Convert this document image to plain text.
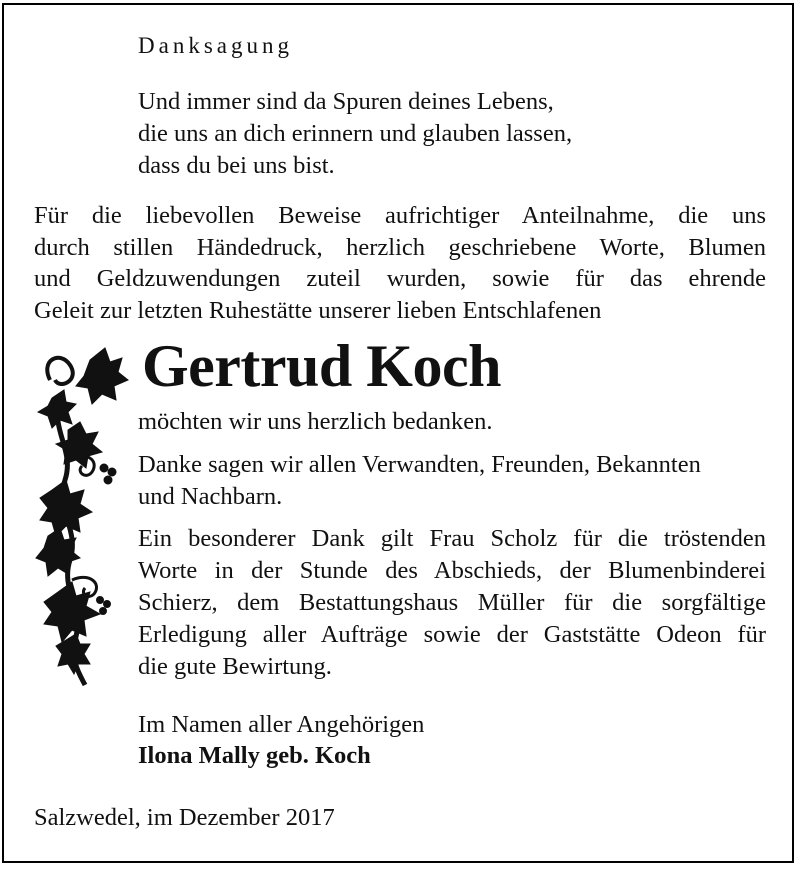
Danksagung
Und immer sind da Spuren deines Lebens,
die uns an dich erinnern und glauben lassen,
dass du bei uns bist.
Für die liebevollen Beweise aufrichtiger Anteilnahme, die uns
durch stillen Händedruck, herzlich geschriebene Worte, Blumen
und Geldzuwendungen zuteil wurden, sowie für das ehrende
Geleit zur letzten Ruhestätte unserer lieben Entschlafenen
Gertrud Koch
möchten wir uns herzlich bedanken.
Danke sagen wir allen Verwandten, Freunden, Bekannten
und Nachbarn.
Ein besonderer Dank gilt Frau Scholz für die tröstenden
Worte in der Stunde des Abschieds, der Blumenbinderei
Schierz, dem Bestattungshaus Müller für die sorgfältige
Erledigung aller Aufträge sowie der Gaststätte Odeon für
die gute Bewirtung.
Im Namen aller Angehörigen
Ilona Mally geb. Koch
Salzwedel, im Dezember 2017
